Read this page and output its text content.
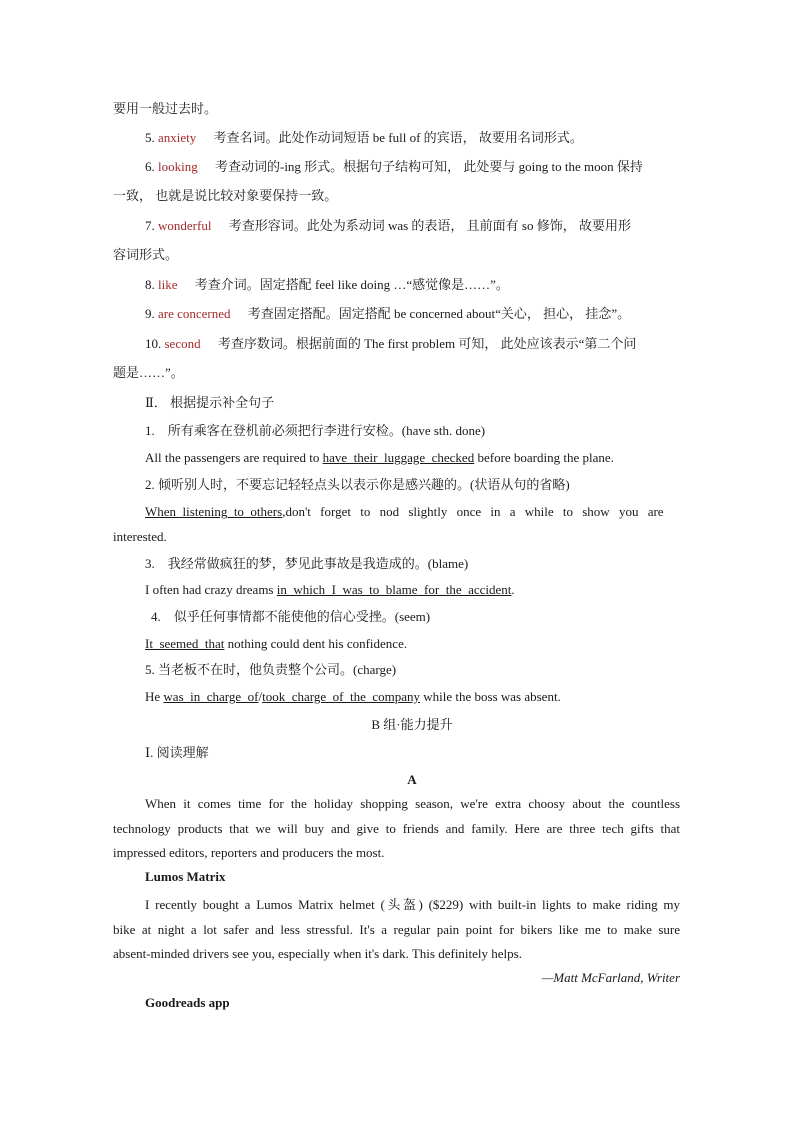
要用一般过去时。
5. anxiety 考查名词。此处作动词短语 be full of 的宾语， 故要用名词形式。
6. looking 考查动词的-ing 形式。根据句子结构可知， 此处要与 going to the moon 保持
一致， 也就是说比较对象要保持一致。
7. wonderful 考查形容词。此处为系动词 was 的表语， 且前面有 so 修饰， 故要用形
容词形式。
8. like 考查介词。固定搭配 feel like doing …“感觉像是……”。
9. are concerned 考查固定搭配。固定搭配 be concerned about“关心， 担心， 挂念”。
10. second 考查序数词。根据前面的 The first problem 可知， 此处应该表示“第二个问
题是……”。
Ⅱ． 根据提示补全句子
1.　所有乘客在登机前必须把行李进行安检。(have sth. done)
All the passengers are required to have_their_luggage_checked before boarding the plane.
2. 倾听别人时，不要忘记轻轻点头以表示你是感兴趣的。(状语从句的省略)
When_listening_to_others,don't forget to nod slightly once in a while to show you are
interested.
3.　我经常做疯狂的梦，梦见此事故是我造成的。(blame)
I often had crazy dreams in_which_I_was_to_blame_for_the_accident.
4.　似乎任何事情都不能使他的信心受挫。(seem)
It_seemed_that nothing could dent his confidence.
5. 当老板不在时，他负责整个公司。(charge)
He was_in_charge_of/took_charge_of_the_company while the boss was absent.
B 组·能力提升
Ⅰ. 阅读理解
A
When it comes time for the holiday shopping season, we're extra choosy about the countless
technology products that we will buy and give to friends and family. Here are three tech gifts that
impressed editors, reporters and producers the most.
Lumos Matrix
I recently bought a Lumos Matrix helmet (头盔) ($229) with built-in lights to make riding my
bike at night a lot safer and less stressful. It's a regular pain point for bikers like me to make sure
absent-minded drivers see you, especially when it's dark. This definitely helps.
—Matt McFarland, Writer
Goodreads app
